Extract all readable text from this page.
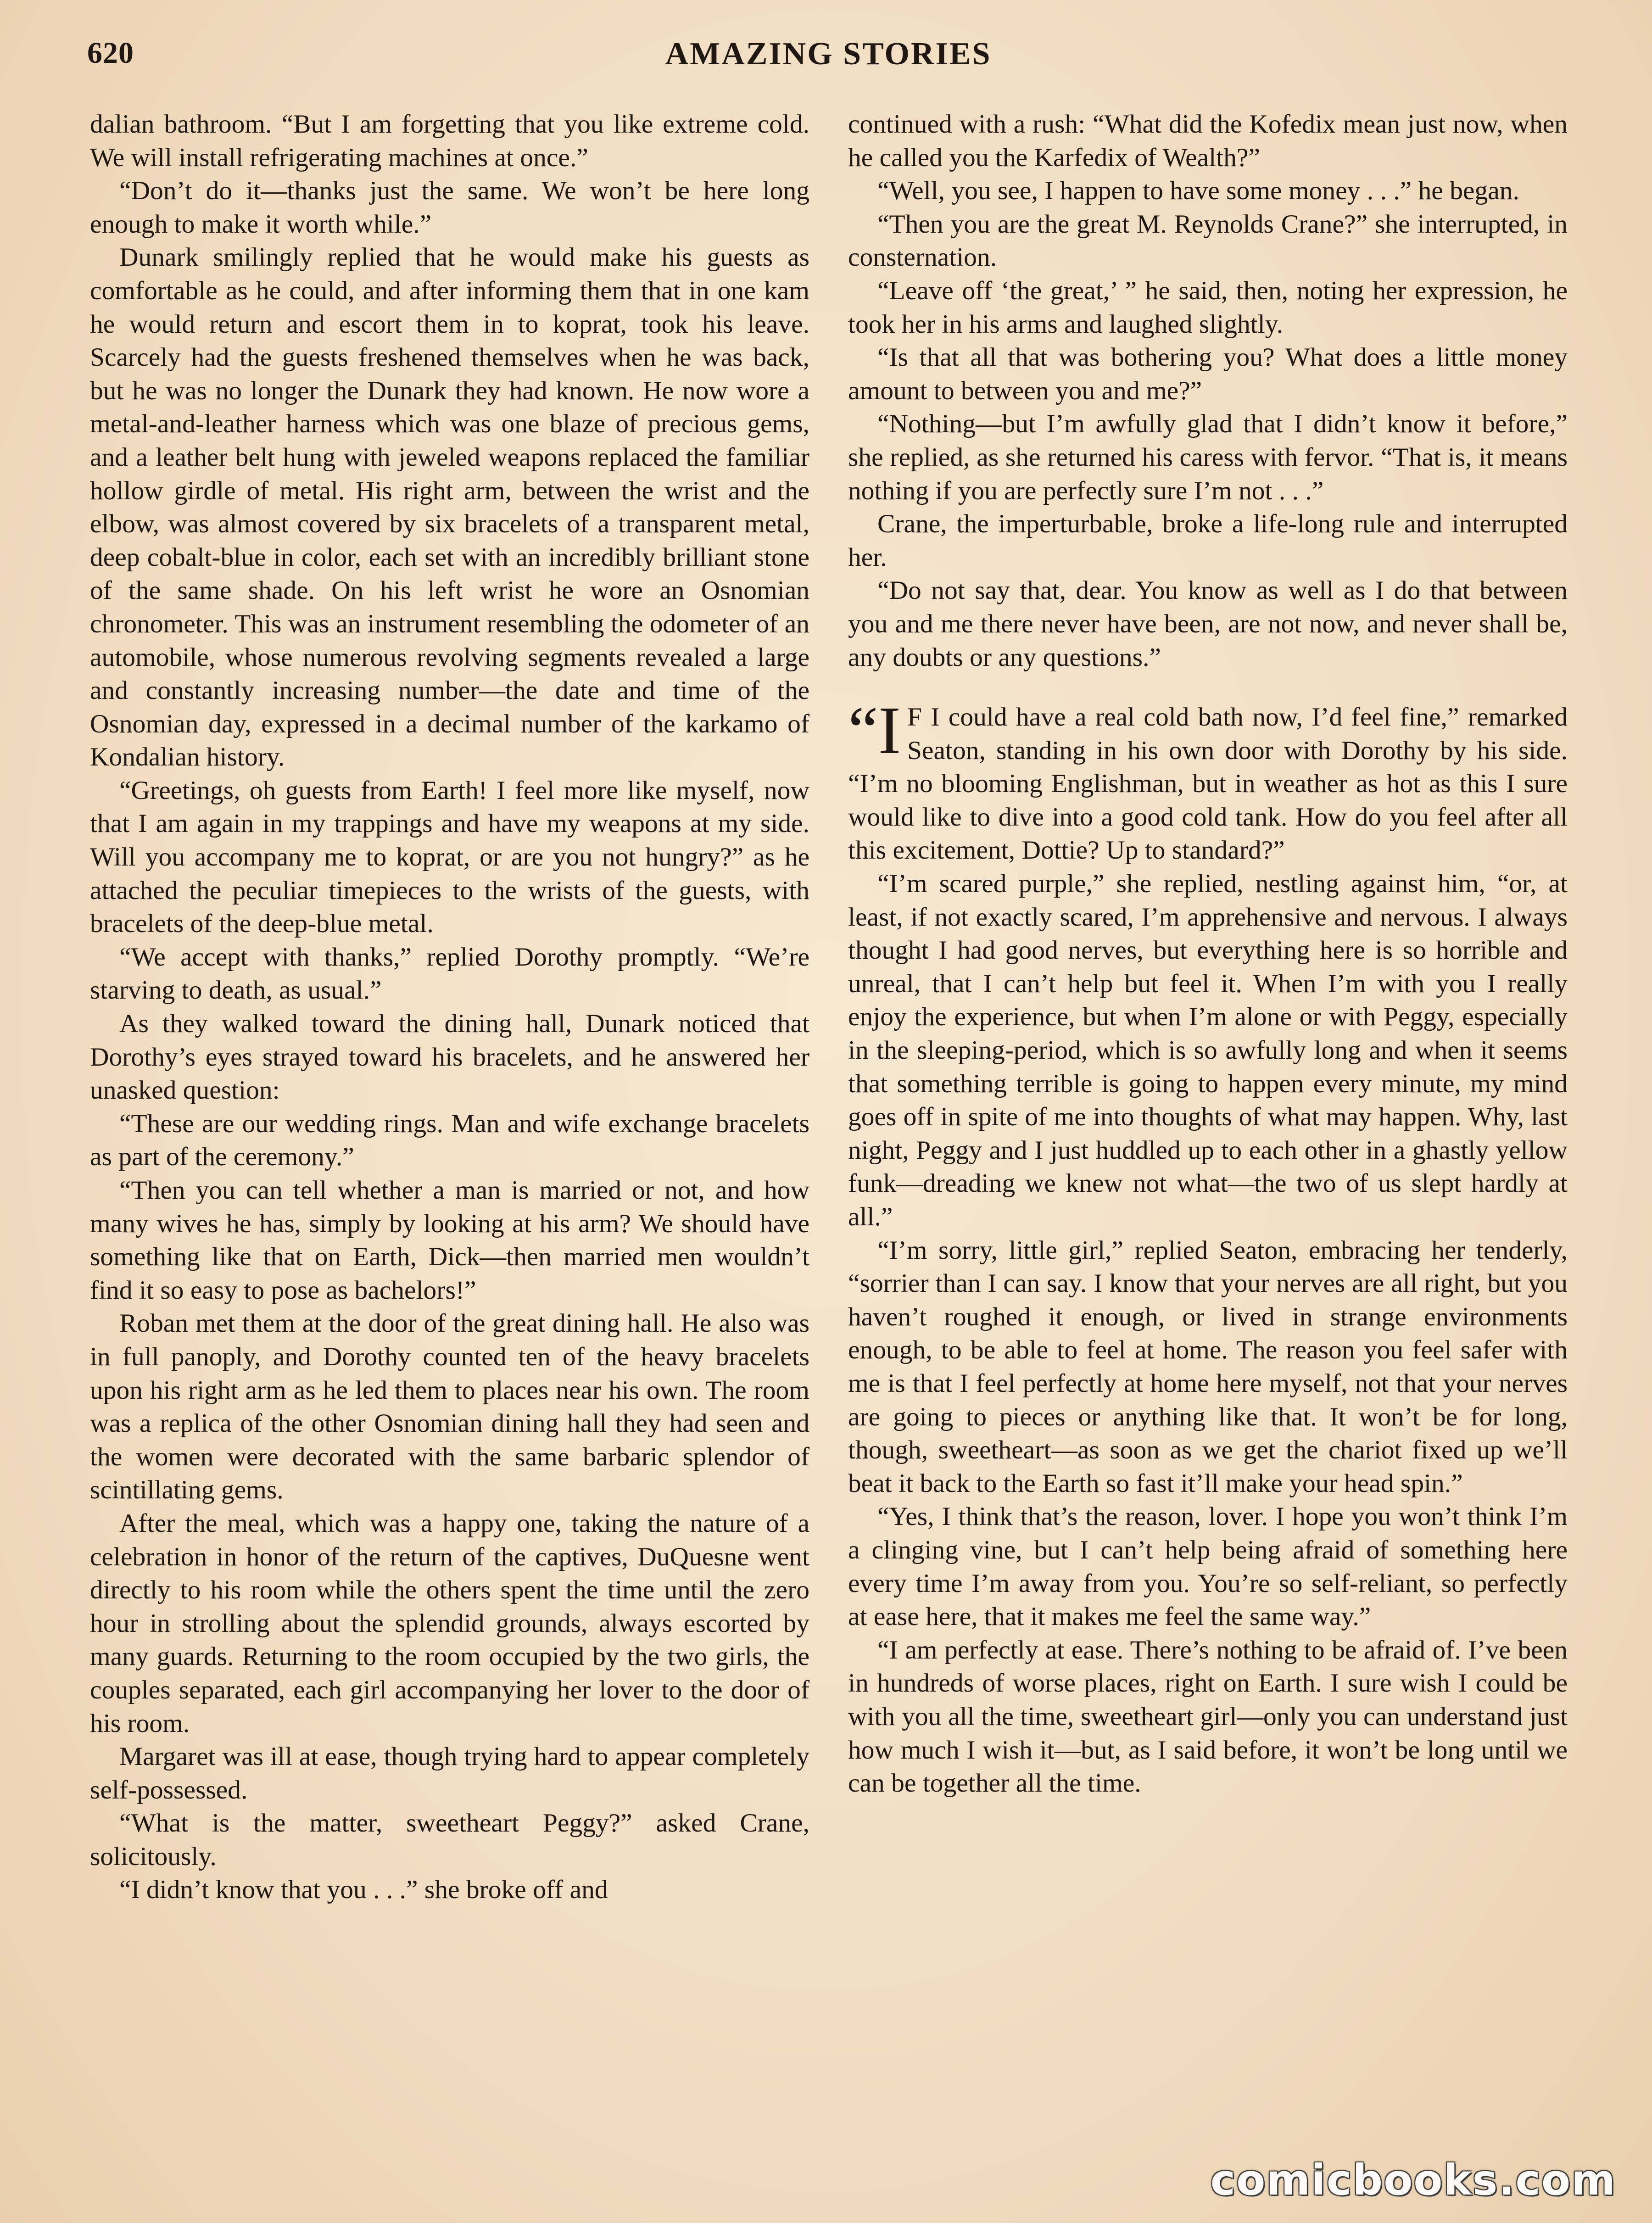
620	AMAZING STORIES

dalian bathroom. “But I am forgetting that you like extreme cold. We will install refrigerating machines at once.”

“Don’t do it—thanks just the same. We won’t be here long enough to make it worth while.”

Dunark smilingly replied that he would make his guests as comfortable as he could, and after informing them that in one kam he would return and escort them in to koprat, took his leave. Scarcely had the guests freshened themselves when he was back, but he was no longer the Dunark they had known. He now wore a metal-and-leather harness which was one blaze of precious gems, and a leather belt hung with jeweled weapons replaced the familiar hollow girdle of metal. His right arm, between the wrist and the elbow, was almost covered by six bracelets of a transparent metal, deep cobalt-blue in color, each set with an incredibly brilliant stone of the same shade. On his left wrist he wore an Osnomian chronometer. This was an instrument resembling the odometer of an automobile, whose numerous revolving segments revealed a large and constantly increasing number—the date and time of the Osnomian day, expressed in a decimal number of the karkamo of Kondalian history.

“Greetings, oh guests from Earth! I feel more like myself, now that I am again in my trappings and have my weapons at my side. Will you accompany me to koprat, or are you not hungry?” as he attached the peculiar timepieces to the wrists of the guests, with bracelets of the deep-blue metal.

“We accept with thanks,” replied Dorothy promptly. “We’re starving to death, as usual.”

As they walked toward the dining hall, Dunark noticed that Dorothy’s eyes strayed toward his bracelets, and he answered her unasked question:

“These are our wedding rings. Man and wife exchange bracelets as part of the ceremony.”

“Then you can tell whether a man is married or not, and how many wives he has, simply by looking at his arm? We should have something like that on Earth, Dick—then married men wouldn’t find it so easy to pose as bachelors!”

Roban met them at the door of the great dining hall. He also was in full panoply, and Dorothy counted ten of the heavy bracelets upon his right arm as he led them to places near his own. The room was a replica of the other Osnomian dining hall they had seen and the women were decorated with the same barbaric splendor of scintillating gems.

After the meal, which was a happy one, taking the nature of a celebration in honor of the return of the captives, DuQuesne went directly to his room while the others spent the time until the zero hour in strolling about the splendid grounds, always escorted by many guards. Returning to the room occupied by the two girls, the couples separated, each girl accompanying her lover to the door of his room.

Margaret was ill at ease, though trying hard to appear completely self-possessed.

“What is the matter, sweetheart Peggy?” asked Crane, solicitously.

“I didn’t know that you . . .” she broke off and

continued with a rush: “What did the Kofedix mean just now, when he called you the Karfedix of Wealth?”

“Well, you see, I happen to have some money . . .” he began.

“Then you are the great M. Reynolds Crane?” she interrupted, in consternation.

“Leave off ‘the great,’ ” he said, then, noting her expression, he took her in his arms and laughed slightly.

“Is that all that was bothering you? What does a little money amount to between you and me?”

“Nothing—but I’m awfully glad that I didn’t know it before,” she replied, as she returned his caress with fervor. “That is, it means nothing if you are perfectly sure I’m not . . .”

Crane, the imperturbable, broke a life-long rule and interrupted her.

“Do not say that, dear. You know as well as I do that between you and me there never have been, are not now, and never shall be, any doubts or any questions.”

“I F I could have a real cold bath now, I’d feel fine,” remarked Seaton, standing in his own door with Dorothy by his side. “I’m no blooming Englishman, but in weather as hot as this I sure would like to dive into a good cold tank. How do you feel after all this excitement, Dottie? Up to standard?”

“I’m scared purple,” she replied, nestling against him, “or, at least, if not exactly scared, I’m apprehensive and nervous. I always thought I had good nerves, but everything here is so horrible and unreal, that I can’t help but feel it. When I’m with you I really enjoy the experience, but when I’m alone or with Peggy, especially in the sleeping-period, which is so awfully long and when it seems that something terrible is going to happen every minute, my mind goes off in spite of me into thoughts of what may happen. Why, last night, Peggy and I just huddled up to each other in a ghastly yellow funk—dreading we knew not what—the two of us slept hardly at all.”

“I’m sorry, little girl,” replied Seaton, embracing her tenderly, “sorrier than I can say. I know that your nerves are all right, but you haven’t roughed it enough, or lived in strange environments enough, to be able to feel at home. The reason you feel safer with me is that I feel perfectly at home here myself, not that your nerves are going to pieces or anything like that. It won’t be for long, though, sweetheart—as soon as we get the chariot fixed up we’ll beat it back to the Earth so fast it’ll make your head spin.”

“Yes, I think that’s the reason, lover. I hope you won’t think I’m a clinging vine, but I can’t help being afraid of something here every time I’m away from you. You’re so self-reliant, so perfectly at ease here, that it makes me feel the same way.”

“I am perfectly at ease. There’s nothing to be afraid of. I’ve been in hundreds of worse places, right on Earth. I sure wish I could be with you all the time, sweetheart girl—only you can understand just how much I wish it—but, as I said before, it won’t be long until we can be together all the time.

comicbooks.com
